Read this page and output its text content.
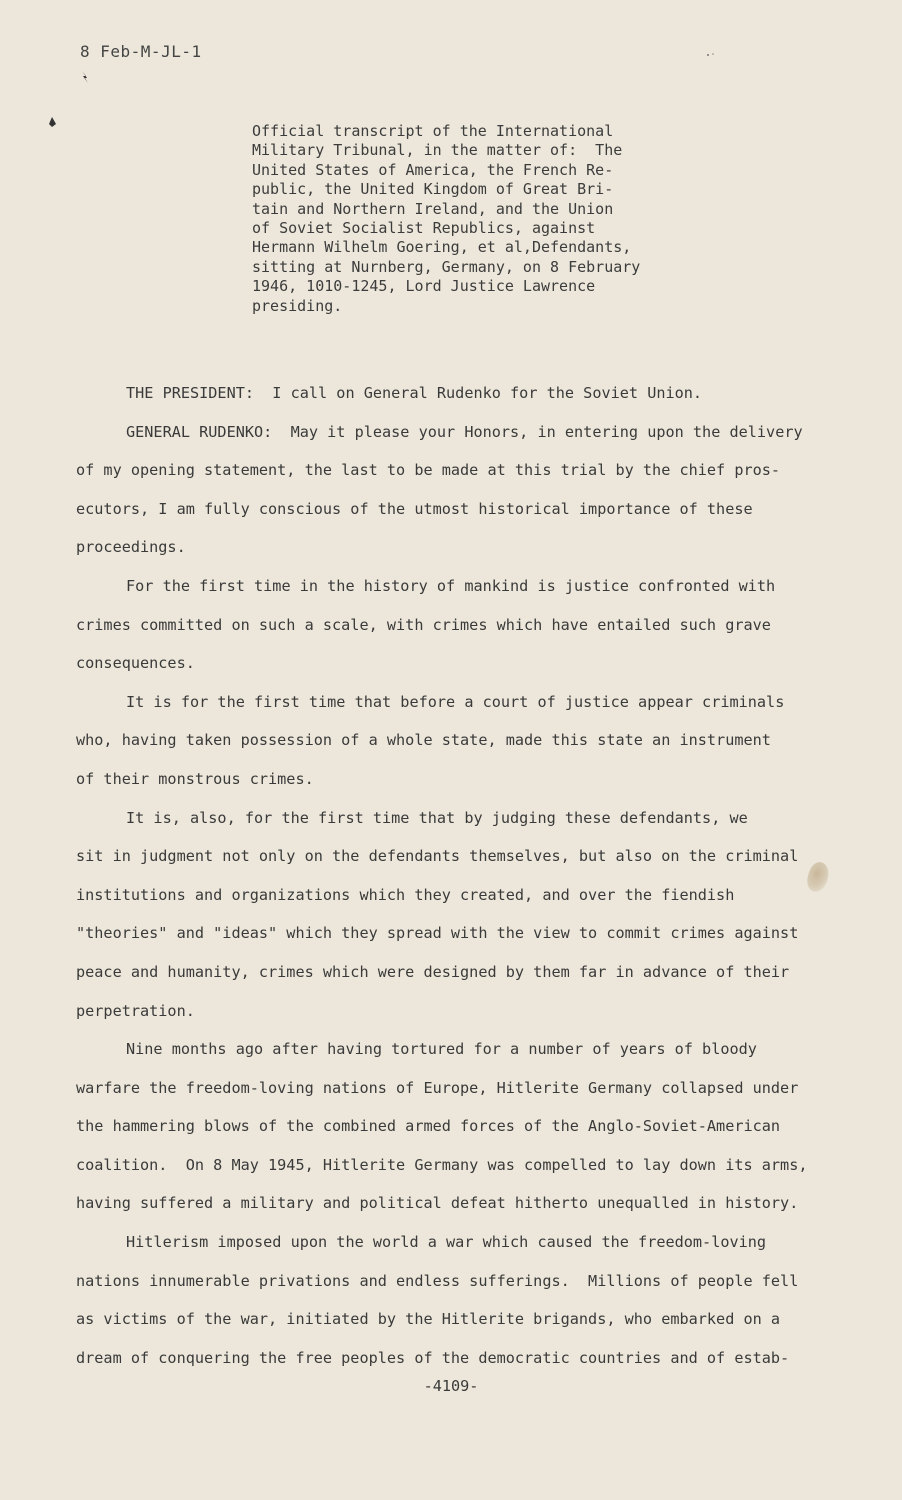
8 Feb-M-JL-1
Official transcript of the International
Military Tribunal, in the matter of:  The
United States of America, the French Re-
public, the United Kingdom of Great Bri-
tain and Northern Ireland, and the Union
of Soviet Socialist Republics, against
Hermann Wilhelm Goering, et al,Defendants,
sitting at Nurnberg, Germany, on 8 February
1946, 1010-1245, Lord Justice Lawrence
presiding.
THE PRESIDENT:  I call on General Rudenko for the Soviet Union.
GENERAL RUDENKO:  May it please your Honors, in entering upon the delivery
of my opening statement, the last to be made at this trial by the chief pros-
ecutors, I am fully conscious of the utmost historical importance of these
proceedings.
For the first time in the history of mankind is justice confronted with
crimes committed on such a scale, with crimes which have entailed such grave
consequences.
It is for the first time that before a court of justice appear criminals
who, having taken possession of a whole state, made this state an instrument
of their monstrous crimes.
It is, also, for the first time that by judging these defendants, we
sit in judgment not only on the defendants themselves, but also on the criminal
institutions and organizations which they created, and over the fiendish
"theories" and "ideas" which they spread with the view to commit crimes against
peace and humanity, crimes which were designed by them far in advance of their
perpetration.
Nine months ago after having tortured for a number of years of bloody
warfare the freedom-loving nations of Europe, Hitlerite Germany collapsed under
the hammering blows of the combined armed forces of the Anglo-Soviet-American
coalition.  On 8 May 1945, Hitlerite Germany was compelled to lay down its arms,
having suffered a military and political defeat hitherto unequalled in history.
Hitlerism imposed upon the world a war which caused the freedom-loving
nations innumerable privations and endless sufferings.  Millions of people fell
as victims of the war, initiated by the Hitlerite brigands, who embarked on a
dream of conquering the free peoples of the democratic countries and of estab-
-4109-
